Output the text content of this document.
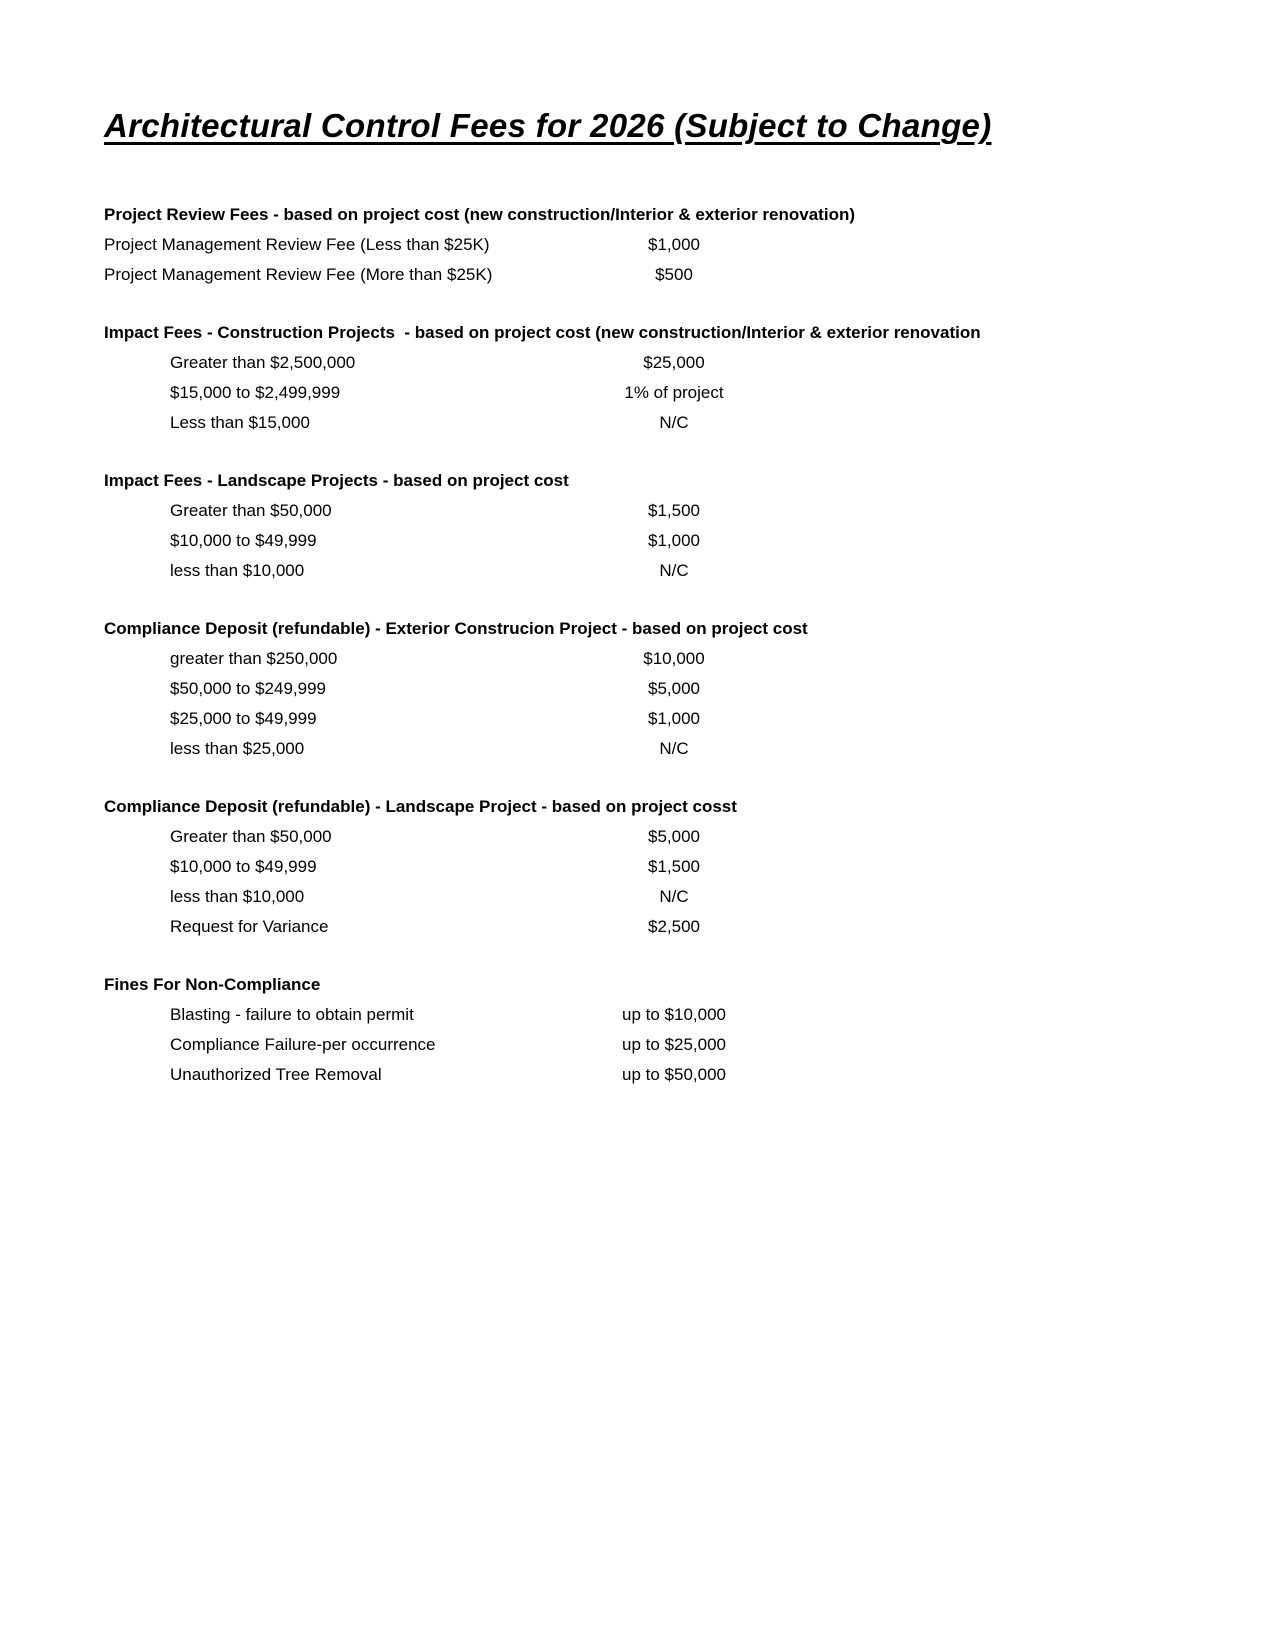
Architectural Control Fees for 2026 (Subject to Change)
Project Review Fees - based on project cost (new construction/Interior & exterior renovation)
Project Management Review Fee (Less than $25K)	$1,000
Project Management Review Fee (More than $25K)	$500
Impact Fees - Construction Projects  - based on project cost (new construction/Interior & exterior renovation
Greater than $2,500,000	$25,000
$15,000 to $2,499,999	1% of project
Less than $15,000	N/C
Impact Fees - Landscape Projects - based on project cost
Greater than $50,000	$1,500
$10,000 to $49,999	$1,000
less than $10,000	N/C
Compliance Deposit (refundable) - Exterior Construcion Project - based on project cost
greater than $250,000	$10,000
$50,000 to $249,999	$5,000
$25,000 to $49,999	$1,000
less than $25,000	N/C
Compliance Deposit (refundable) - Landscape Project - based on project cosst
Greater than $50,000	$5,000
$10,000 to $49,999	$1,500
less than $10,000	N/C
Request for Variance	$2,500
Fines For Non-Compliance
Blasting - failure to obtain permit	up to $10,000
Compliance Failure-per occurrence	up to $25,000
Unauthorized Tree Removal	up to $50,000
